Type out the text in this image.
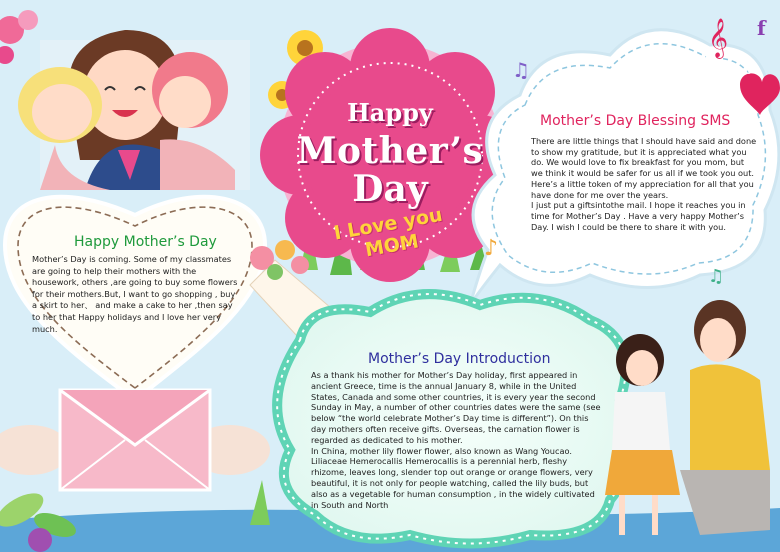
𝄞 f
b
♫
♪
♫
Happy
Mother’s
Day
I Love you MOM
Mother’s Day Blessing SMS

There are little things that I should have said and done to show my gratitude, but it is appreciated what you do. We would love to fix breakfast for you mom, but we think it would be safer for us all if we took you out.

Here’s a little token of my appreciation for all that you have done for me over the years.

I just put a giftsintothe mail. I hope it reaches you in time for Mother’s Day . Have a very happy Mother’s Day. I wish I could be there to share it with you.

Happy Mother’s Day
Mother’s Day is coming. Some of my classmates are going to help their mothers with the housework, others ,are going to buy some flowers for their mothers.But, I want to go shopping , buy a skirt to her、 and make a cake to her ,then say to her that Happy holidays and I love her very much.
Mother’s Day Introduction

As a thank his mother for Mother’s Day holiday, first appeared in ancient Greece, time is the annual January 8, while in the United States, Canada and some other countries, it is every year the second Sunday in May, a number of other countries dates were the same (see below “the world celebrate Mother’s Day time is different”). On this day mothers often receive gifts. Overseas, the carnation flower is regarded as dedicated to his mother.

In China, mother lily flower flower, also known as Wang Youcao.

Liliaceae Hemerocallis Hemerocallis is a perennial herb, fleshy rhizome, leaves long, slender top out orange or orange flowers, very beautiful, it is not only for people watching, called the lily buds, but also as a vegetable for human consumption , in the widely cultivated in South and North
